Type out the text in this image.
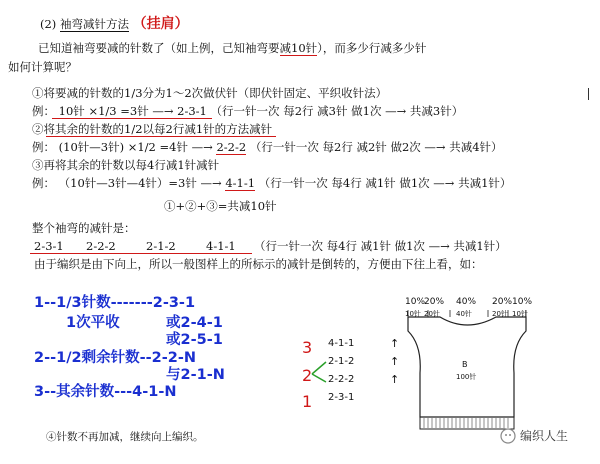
(2) 袖弯减针方法 （挂肩）
已知道袖弯要减的针数了（如上例，己知袖弯要减10针），而多少行减多少针
如何计算呢？
①将要减的针数的1/3分为1～2次做伏针（即伏针固定、平织收针法）
例： 10针 ×1/3 =3针 —→ 2-3-1 （行一针一次 每2行 减3针 做1次 —→ 共减3针）
②将其余的针数的1/2以每2行减1针的方法减针
例： (10针—3针) ×1/2 =4针 —→ 2-2-2 （行一针一次 每2行 减2针 做2次 —→ 共减4针）
③再将其余的针数以每4行减1针减针
例： （10针—3针—4针）=3针 —→ 4-1-1 （行一针一次 每4行 减1针 做1次 —→ 共减1针）
①+②+③=共减10针
整个袖弯的减针是：
2-3-1 2-2-2	2-1-2	4-1-1 （行一针一次 每4行 减1针 做1次 —→ 共减1针）
由于编织是由下向上，所以一般图样上的所标示的减针是倒转的，方便由下往上看，如：
1--1/3针数-------2-3-1
1次平收	或2-4-1
或2-5-1
2--1/2剩余针数--2-2-N
与2-1-N
3--其余针数---4-1-N
3
2
1
4-1-1
2-1-2
2-2-2
2-3-1
↑
↑
↑
10%
20% 40% 20% 10%
10针 20针 40针	20针 10针
B
100针
④针数不再加减，继续向上编织。	编织人生
